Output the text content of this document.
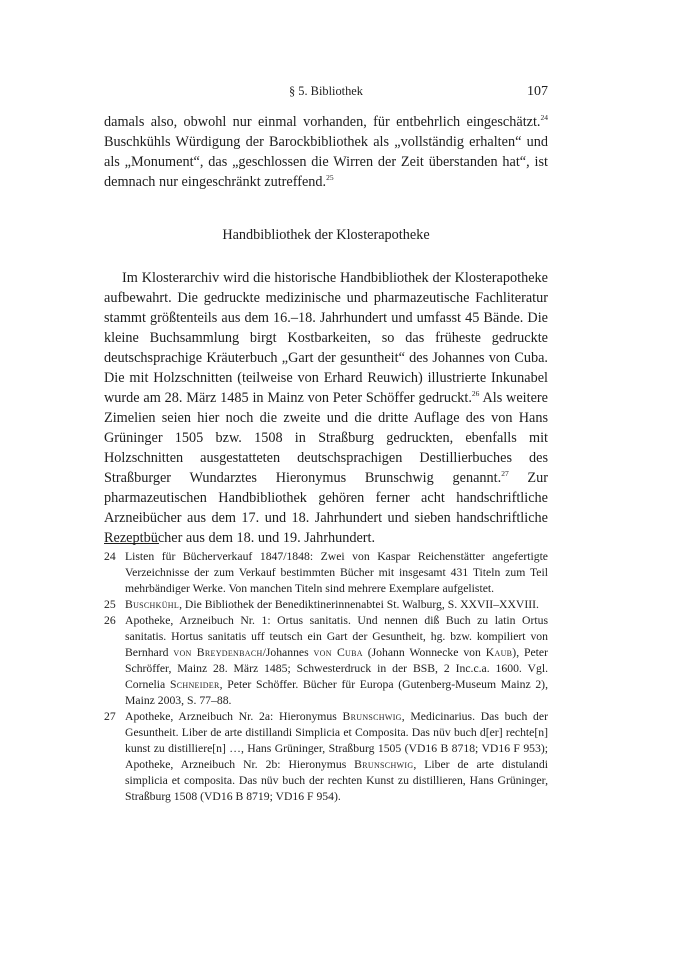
§ 5. Bibliothek	107

damals also, obwohl nur einmal vorhanden, für entbehrlich eingeschätzt.$^{24}$ Buschkühls Würdigung der Barockbibliothek als „vollständig erhalten“ und als „Monument“, das „geschlossen die Wirren der Zeit überstanden hat“, ist demnach nur eingeschränkt zutreffend.$^{25}$

Handbibliothek der Klosterapotheke

Im Klosterarchiv wird die historische Handbibliothek der Klosterapotheke aufbewahrt. Die gedruckte medizinische und pharmazeutische Fachliteratur stammt größtenteils aus dem 16.–18. Jahrhundert und umfasst 45 Bände. Die kleine Buchsammlung birgt Kostbarkeiten, so das früheste gedruckte deutschsprachige Kräuterbuch „Gart der gesuntheit“ des Johannes von Cuba. Die mit Holzschnitten (teilweise von Erhard Reuwich) illustrierte Inkunabel wurde am 28. März 1485 in Mainz von Peter Schöffer gedruckt.$^{26}$ Als weitere Zimelien seien hier noch die zweite und die dritte Auflage des von Hans Grüninger 1505 bzw. 1508 in Straßburg gedruckten, ebenfalls mit Holzschnitten ausgestatteten deutschsprachigen Destillierbuches des Straßburger Wundarztes Hieronymus Brunschwig genannt.$^{27}$ Zur pharmazeutischen Handbibliothek gehören ferner acht handschriftliche Arzneibücher aus dem 17. und 18. Jahrhundert und sieben handschriftliche Rezeptbücher aus dem 18. und 19. Jahrhundert.

24 Listen für Bücherverkauf 1847/1848: Zwei von Kaspar Reichenstätter angefertigte Verzeichnisse der zum Verkauf bestimmten Bücher mit insgesamt 431 Titeln zum Teil mehrbändiger Werke. Von manchen Titeln sind mehrere Exemplare aufgelistet.
25 Buschkühl, Die Bibliothek der Benediktinerinnenabtei St. Walburg, S. XXVII–XXVIII.
26 Apotheke, Arzneibuch Nr. 1: Ortus sanitatis. Und nennen diß Buch zu latin Ortus sanitatis. Hortus sanitatis uff teutsch ein Gart der Gesuntheit, hg. bzw. kompiliert von Bernhard von Breydenbach/Johannes von Cuba (Johann Wonnecke von Kaub), Peter Schröffer, Mainz 28. März 1485; Schwesterdruck in der BSB, 2 Inc.c.a. 1600. Vgl. Cornelia Schneider, Peter Schöffer. Bücher für Europa (Gutenberg-Museum Mainz 2), Mainz 2003, S. 77–88.
27 Apotheke, Arzneibuch Nr. 2a: Hieronymus Brunschwig, Medicinarius. Das buch der Gesuntheit. Liber de arte distillandi Simplicia et Composita. Das nüv buch d[er] rechte[n] kunst zu distilliere[n] …, Hans Grüninger, Straßburg 1505 (VD16 B 8718; VD16 F 953); Apotheke, Arzneibuch Nr. 2b: Hieronymus Brunschwig, Liber de arte distulandi simplicia et composita. Das nüv buch der rechten Kunst zu distillieren, Hans Grüninger, Straßburg 1508 (VD16 B 8719; VD16 F 954).
